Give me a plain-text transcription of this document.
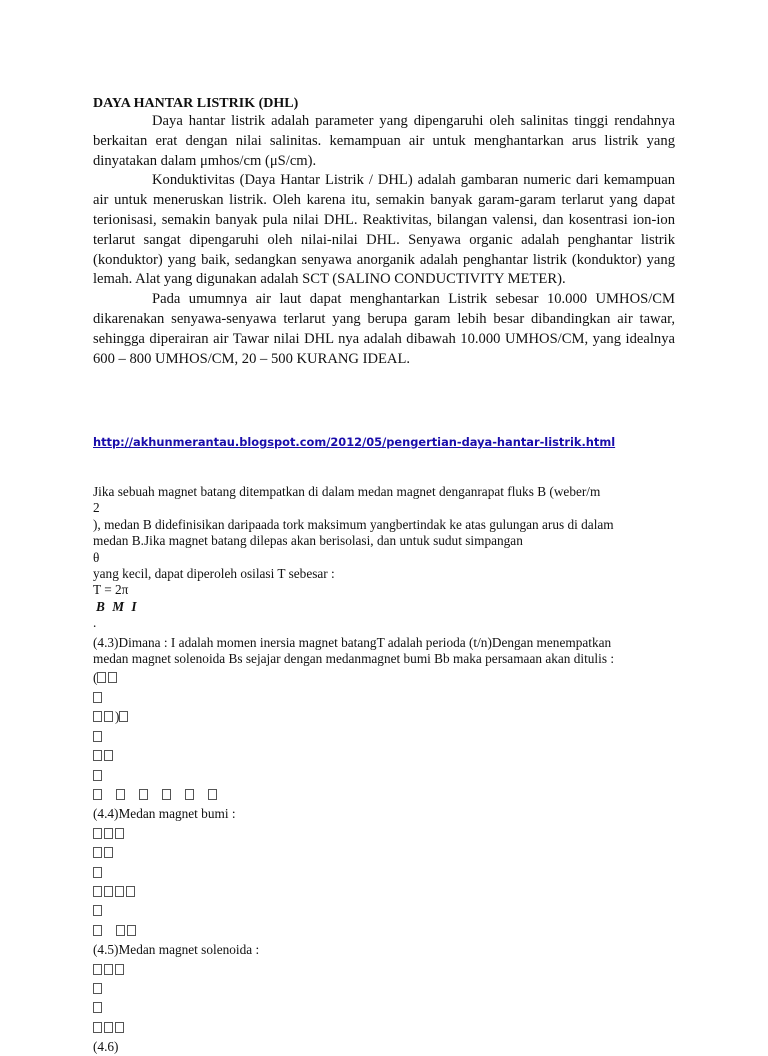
DAYA HANTAR LISTRIK (DHL)

Daya hantar listrik adalah parameter yang dipengaruhi oleh salinitas tinggi rendahnya berkaitan erat dengan nilai salinitas. kemampuan air untuk menghantarkan arus listrik yang dinyatakan dalam μmhos/cm (μS/cm).

Konduktivitas (Daya Hantar Listrik / DHL) adalah gambaran numeric dari kemampuan air untuk meneruskan listrik. Oleh karena itu, semakin banyak garam-garam terlarut yang dapat terionisasi, semakin banyak pula nilai DHL. Reaktivitas, bilangan valensi, dan kosentrasi ion-ion terlarut sangat dipengaruhi oleh nilai-nilai DHL. Senyawa organic adalah penghantar listrik (konduktor) yang baik, sedangkan senyawa anorganik adalah penghantar listrik (konduktor) yang lemah. Alat yang digunakan adalah SCT (SALINO CONDUCTIVITY METER).

Pada umumnya air laut dapat menghantarkan Listrik sebesar 10.000 UMHOS/CM dikarenakan senyawa-senyawa terlarut yang berupa garam lebih besar dibandingkan air tawar, sehingga diperairan air Tawar nilai DHL nya adalah dibawah 10.000 UMHOS/CM, yang idealnya 600 – 800 UMHOS/CM, 20 – 500 KURANG IDEAL.

http://akhunmerantau.blogspot.com/2012/05/pengertian-daya-hantar-listrik.html

Jika sebuah magnet batang ditempatkan di dalam medan magnet denganrapat fluks B (weber/m

2

), medan B didefinisikan daripaada tork maksimum yangbertindak ke atas gulungan arus di dalam

medan B.Jika magnet batang dilepas akan berisolasi, dan untuk sudut simpangan

θ

yang kecil, dapat diperoleh osilasi T sebesar :

T = 2π

B M I

.

(4.3)Dimana : I adalah momen inersia magnet batangT adalah perioda (t/n)Dengan menempatkan

medan magnet solenoida Bs sejajar dengan medanmagnet bumi Bb maka persamaan akan ditulis :

(

)

(4.4)Medan magnet bumi :

(4.5)Medan magnet solenoida :

(4.6)
